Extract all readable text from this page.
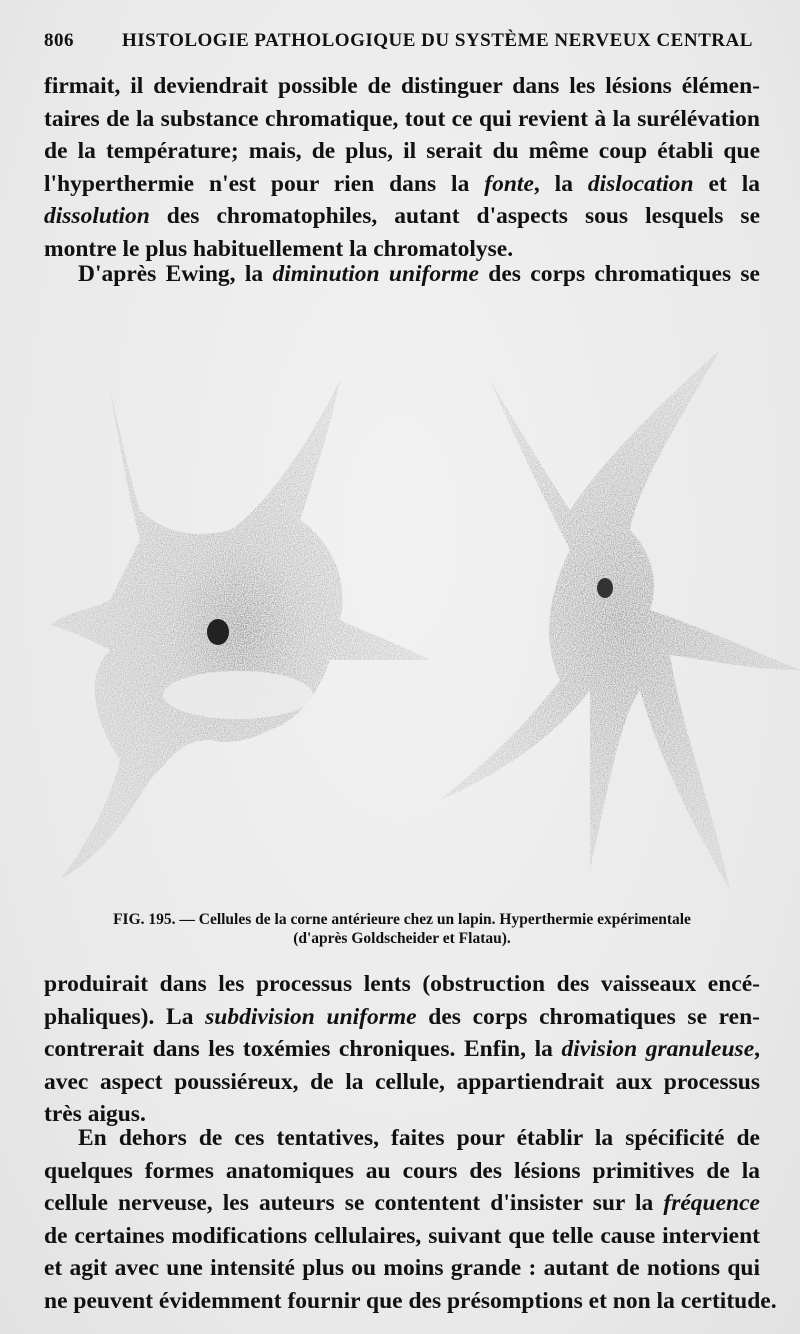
806	HISTOLOGIE PATHOLOGIQUE DU SYSTÈME NERVEUX CENTRAL
firmait, il deviendrait possible de distinguer dans les lésions élémen-
taires de la substance chromatique, tout ce qui revient à la surélévation
de la température; mais, de plus, il serait du même coup établi que
l'hyperthermie n'est pour rien dans la fonte, la dislocation et la
dissolution des chromatophiles, autant d'aspects sous lesquels se
montre le plus habituellement la chromatolyse.
D'après Ewing, la diminution uniforme des corps chromatiques se
FIG. 195. — Cellules de la corne antérieure chez un lapin. Hyperthermie expérimentale
(d'après Goldscheider et Flatau).
produirait dans les processus lents (obstruction des vaisseaux encé-
phaliques). La subdivision uniforme des corps chromatiques se ren-
contrerait dans les toxémies chroniques. Enfin, la division granuleuse,
avec aspect poussiéreux, de la cellule, appartiendrait aux processus
très aigus.
En dehors de ces tentatives, faites pour établir la spécificité de
quelques formes anatomiques au cours des lésions primitives de la
cellule nerveuse, les auteurs se contentent d'insister sur la fréquence
de certaines modifications cellulaires, suivant que telle cause intervient
et agit avec une intensité plus ou moins grande : autant de notions qui
ne peuvent évidemment fournir que des présomptions et non la certitude.
